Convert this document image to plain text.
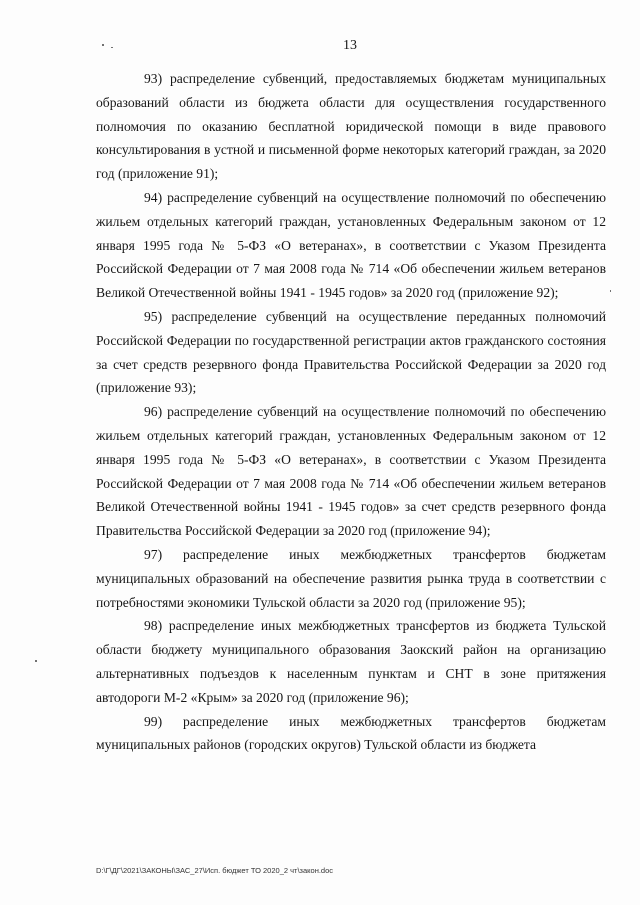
13

93) распределение субвенций, предоставляемых бюджетам муниципальных образований области из бюджета области для осуществления государственного полномочия по оказанию бесплатной юридической помощи в виде правового консультирования в устной и письменной форме некоторых категорий граждан, за 2020 год (приложение 91);

94) распределение субвенций на осуществление полномочий по обеспечению жильем отдельных категорий граждан, установленных Федеральным законом от 12 января 1995 года № 5-ФЗ «О ветеранах», в соответствии с Указом Президента Российской Федерации от 7 мая 2008 года № 714 «Об обеспечении жильем ветеранов Великой Отечественной войны 1941 - 1945 годов» за 2020 год (приложение 92);

95) распределение субвенций на осуществление переданных полномочий Российской Федерации по государственной регистрации актов гражданского состояния за счет средств резервного фонда Правительства Российской Федерации за 2020 год (приложение 93);

96) распределение субвенций на осуществление полномочий по обеспечению жильем отдельных категорий граждан, установленных Федеральным законом от 12 января 1995 года № 5-ФЗ «О ветеранах», в соответствии с Указом Президента Российской Федерации от 7 мая 2008 года № 714 «Об обеспечении жильем ветеранов Великой Отечественной войны 1941 - 1945 годов» за счет средств резервного фонда Правительства Российской Федерации за 2020 год (приложение 94);

97) распределение иных межбюджетных трансфертов бюджетам муниципальных образований на обеспечение развития рынка труда в соответствии с потребностями экономики Тульской области за 2020 год (приложение 95);

98) распределение иных межбюджетных трансфертов из бюджета Тульской области бюджету муниципального образования Заокский район на организацию альтернативных подъездов к населенным пунктам и СНТ в зоне притяжения автодороги М-2 «Крым» за 2020 год (приложение 96);

99) распределение иных межбюджетных трансфертов бюджетам муниципальных районов (городских округов) Тульской области из бюджета

D:\Г\ДГ\2021\ЗАКОНЫ\ЗАС_27\Исп. бюджет ТО 2020_2 чт\закон.doc
